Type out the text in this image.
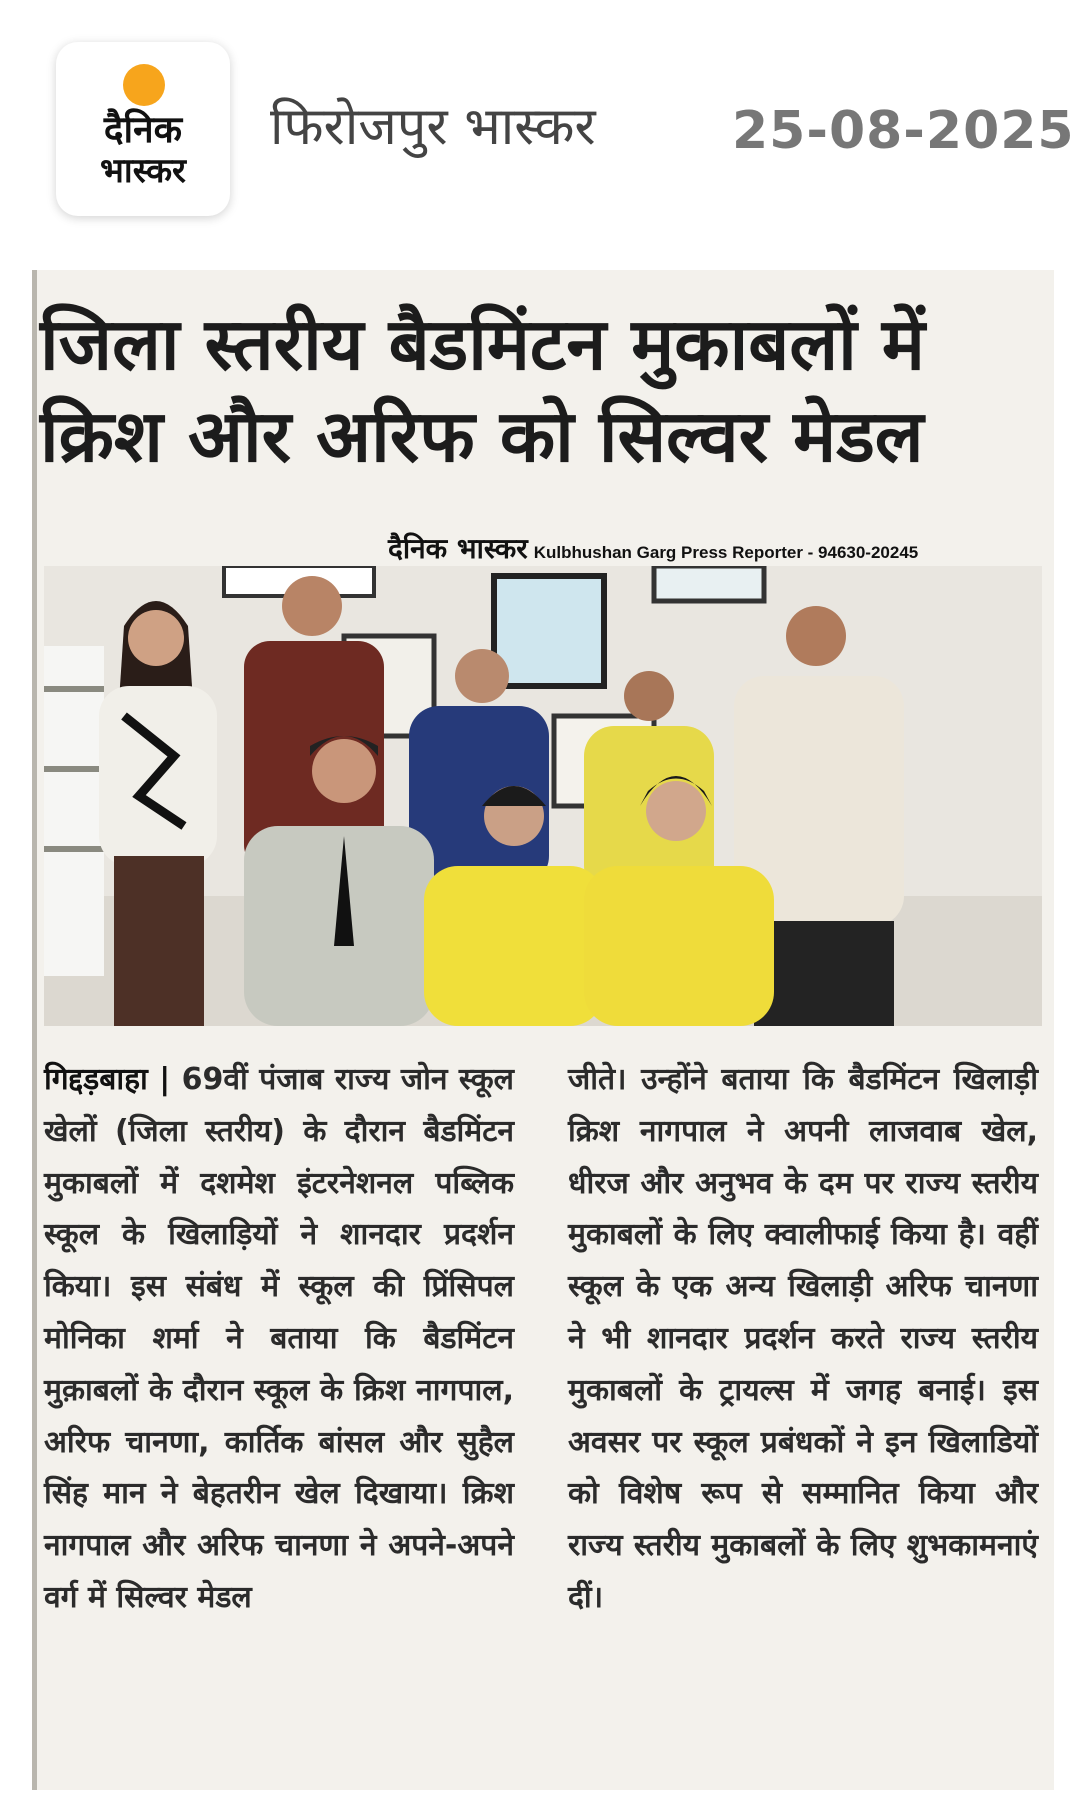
दैनिक
भास्कर
फिरोजपुर भास्कर	25-08-2025
जिला स्तरीय बैडमिंटन मुकाबलों में क्रिश और अरिफ को सिल्वर मेडल
दैनिक भास्कर Kulbhushan Garg Press Reporter - 94630-20245
गिद्दड़बाहा | 69वीं पंजाब राज्य जोन स्कूल खेलों (जिला स्तरीय) के दौरान बैडमिंटन मुकाबलों में दशमेश इंटरनेशनल पब्लिक स्कूल के खिलाड़ियों ने शानदार प्रदर्शन किया। इस संबंध में स्कूल की प्रिंसिपल मोनिका शर्मा ने बताया कि बैडमिंटन मुक़ाबलों के दौरान स्कूल के क्रिश नागपाल, अरिफ चानणा, कार्तिक बांसल और सुहैल सिंह मान ने बेहतरीन खेल दिखाया। क्रिश नागपाल और अरिफ चानणा ने अपने-अपने वर्ग में सिल्वर मेडल
जीते। उन्होंने बताया कि बैडमिंटन खिलाड़ी क्रिश नागपाल ने अपनी लाजवाब खेल, धीरज और अनुभव के दम पर राज्य स्तरीय मुकाबलों के लिए क्वालीफाई किया है। वहीं स्कूल के एक अन्य खिलाड़ी अरिफ चानणा ने भी शानदार प्रदर्शन करते राज्य स्तरीय मुकाबलों के ट्रायल्स में जगह बनाई। इस अवसर पर स्कूल प्रबंधकों ने इन खिलाडियों को विशेष रूप से सम्मानित किया और राज्य स्तरीय मुकाबलों के लिए शुभकामनाएं दीं।
